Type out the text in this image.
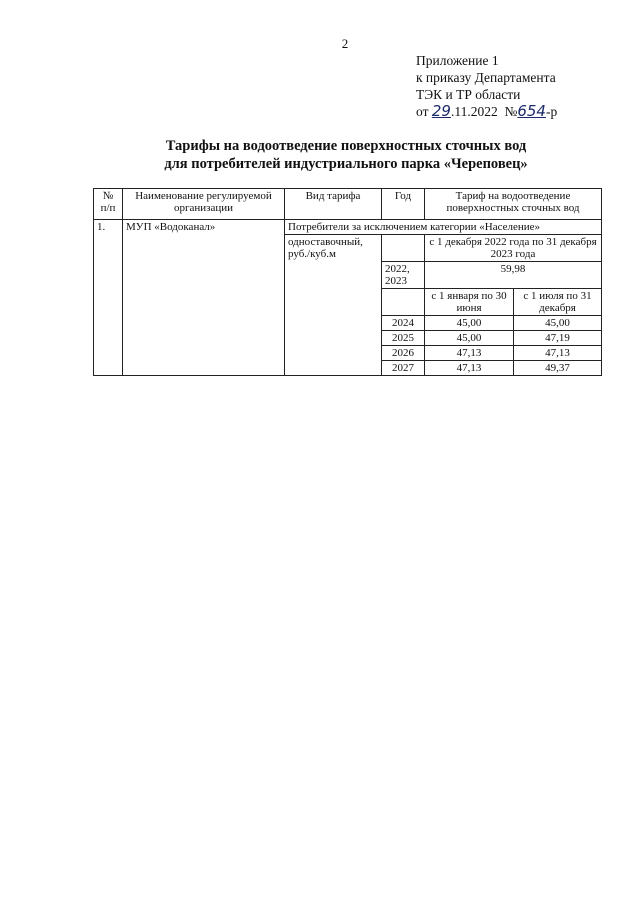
2
Приложение 1
к приказу Департамента
ТЭК и ТР области
от 29.11.2022 №654-р
Тарифы на водоотведение поверхностных сточных вод
для потребителей индустриального парка «Череповец»
№ п/п	Наименование регулируемой организации	Вид тарифа	Год	Тариф на водоотведение поверхностных сточных вод	
1.	МУП «Водоканал»	Потребители за исключением категории «Население»			
		одноставочный, руб./куб.м		с 1 декабря 2022 года по 31 декабря 2023 года	
			2022, 2023	59,98	
				с 1 января по 30 июня	с 1 июля по 31 декабря
			2024	45,00	45,00
			2025	45,00	47,19
			2026	47,13	47,13
			2027	47,13	49,37
